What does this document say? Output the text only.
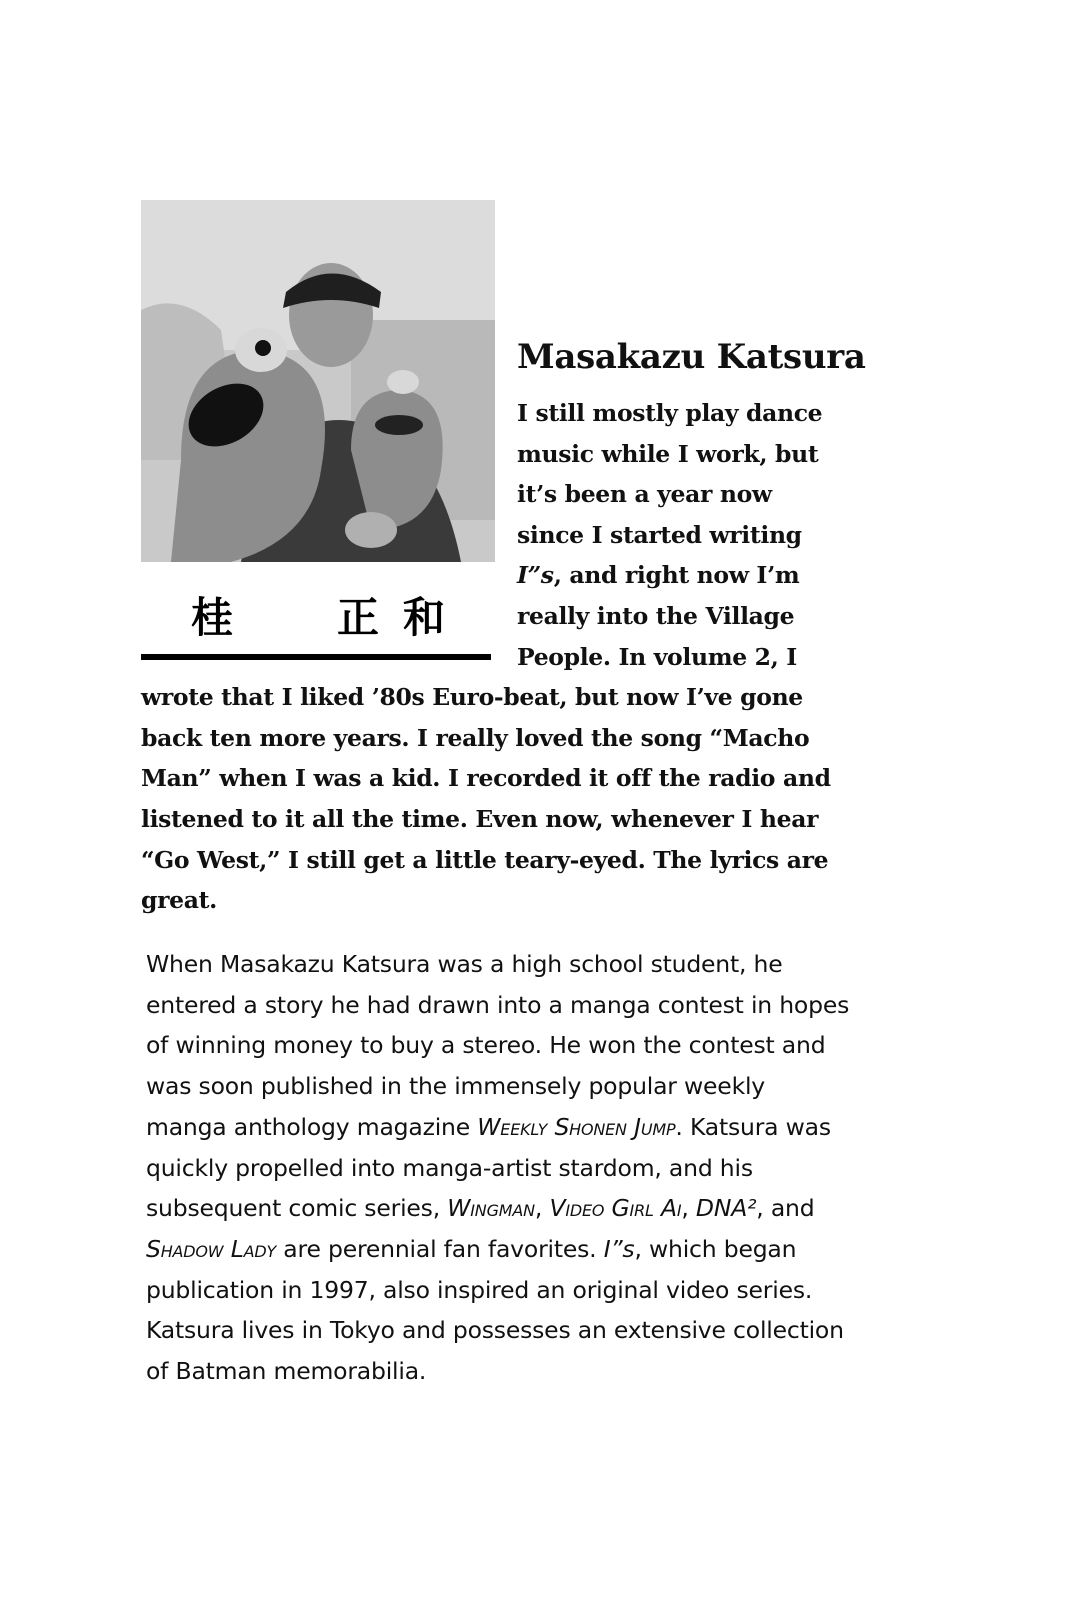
桂 正 和
Masakazu Katsura

I still mostly play dance music while I work, but it’s been a year now since I started writing I”s, and right now I’m really into the Village People. In volume 2, I wrote that I liked ’80s Euro-beat, but now I’ve gone back ten more years. I really loved the song “Macho Man” when I was a kid. I recorded it off the radio and listened to it all the time. Even now, whenever I hear “Go West,” I still get a little teary-eyed. The lyrics are great.

When Masakazu Katsura was a high school student, he entered a story he had drawn into a manga contest in hopes of winning money to buy a stereo. He won the contest and was soon published in the immensely popular weekly manga anthology magazine Weekly Shonen Jump. Katsura was quickly propelled into manga-artist stardom, and his subsequent comic series, Wingman, Video Girl Ai, DNA², and Shadow Lady are perennial fan favorites. I”s, which began publication in 1997, also inspired an original video series. Katsura lives in Tokyo and possesses an extensive collection of Batman memorabilia.
